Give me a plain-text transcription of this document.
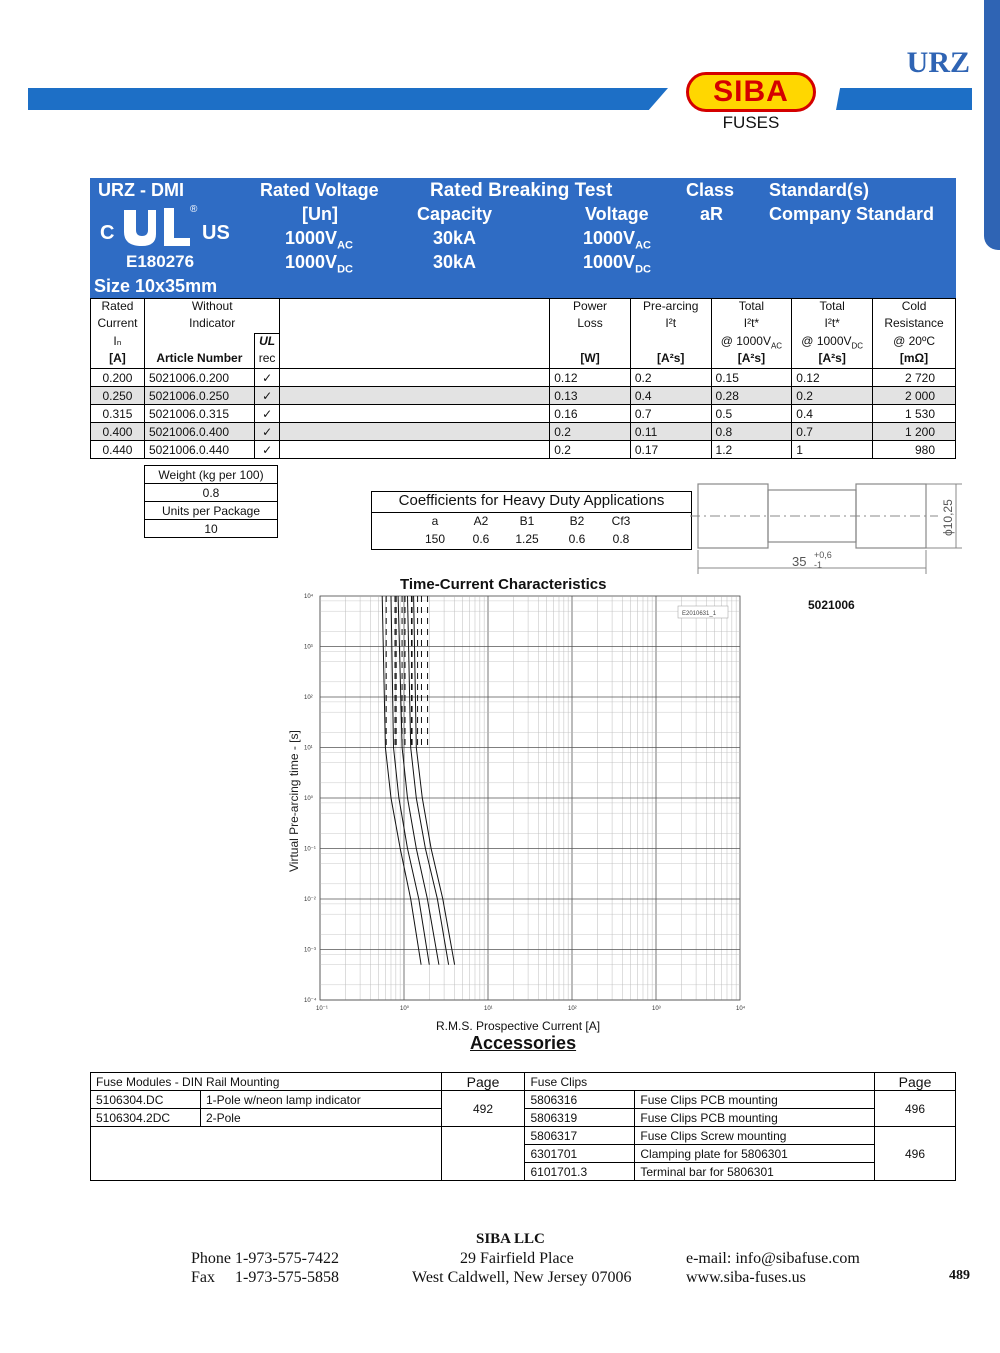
URZ
SIBA
FUSES
URZ - DMI
C
®
US
E180276
Size 10x35mm
Rated Voltage
[Un]
$1000V_{AC}$
$1000V_{DC}$
Rated Breaking Test
Capacity
30kA
30kA
Voltage
$1000V_{AC}$
$1000V_{DC}$
Class
aR
Standard(s)
Company Standard
Rated	Without			Power	Pre-arcing	Total	Total	Cold
Current	Indicator			Loss	I²t	I²t*	I²t*	Resistance
Iₙ		UL				@ $1000V_{AC}$	@ $1000V_{DC}$	@ 20ºC
[A]	Article Number	rec		[W]	[A²s]	[A²s]	[A²s]	[mΩ]
0.200	5021006.0.200	✓		0.12	0.2	0.15	0.12	2 720
0.250	5021006.0.250	✓		0.13	0.4	0.28	0.2	2 000
0.315	5021006.0.315	✓		0.16	0.7	0.5	0.4	1 530
0.400	5021006.0.400	✓		0.2	0.11	0.8	0.7	1 200
0.440	5021006.0.440	✓		0.2	0.17	1.2	1	980
Weight (kg per 100)
0.8
Units per Package
10
Coefficients for Heavy Duty Applications
a	A2	B1	B2	Cf3
150	0.6	1.25	0.6	0.8
ϕ10,25
35 +0,6
-1
Time-Current Characteristics
5021006
10⁻¹	10⁰	10¹	10²	10³	10⁴
10⁻⁴
10⁻³
10⁻²
10⁻¹
10⁰
10¹
10²
10³
10⁴
E2010631_1
Virtual Pre-arcing time - [s]
R.M.S. Prospective Current [A]
Accessories
Fuse Modules - DIN Rail Mounting		Page	Fuse Clips		Page
5106304.DC	1-Pole w/neon lamp indicator	492	5806316	Fuse Clips PCB mounting	496
5106304.2DC	2-Pole		5806319	Fuse Clips PCB mounting	
			5806317	Fuse Clips Screw mounting	496
			6301701	Clamping plate for 5806301	
			6101701.3	Terminal bar for 5806301	
SIBA LLC
Phone 1-973-575-7422
Fax     1-973-575-5858
29 Fairfield Place
West Caldwell, New Jersey 07006
e-mail: info@sibafuse.com
www.siba-fuses.us	489
